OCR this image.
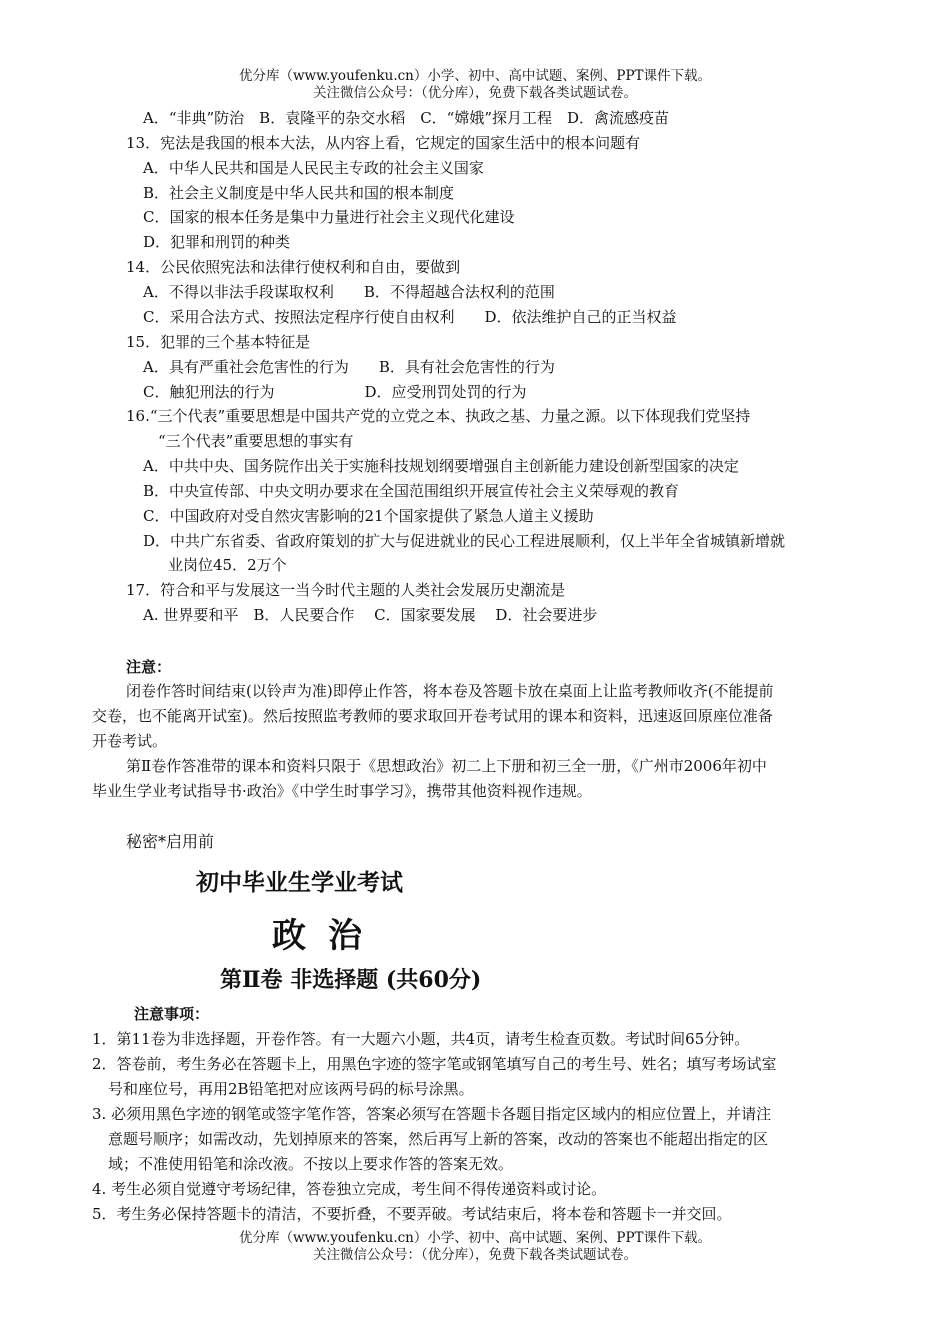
优分库（www.youfenku.cn）小学、初中、高中试题、案例、PPT课件下载。
关注微信公众号：（优分库），免费下载各类试题试卷。
A．“非典”防治　B．袁隆平的杂交水稻　C．“嫦娥”探月工程　D．禽流感疫苗
13．宪法是我国的根本大法，从内容上看，它规定的国家生活中的根本问题有
A．中华人民共和国是人民民主专政的社会主义国家
B．社会主义制度是中华人民共和国的根本制度
C．国家的根本任务是集中力量进行社会主义现代化建设
D．犯罪和刑罚的种类
14．公民依照宪法和法律行使权利和自由，要做到
A．不得以非法手段谋取权利　　B．不得超越合法权利的范围
C．采用合法方式、按照法定程序行使自由权利　　D．依法维护自己的正当权益
15．犯罪的三个基本特征是
A．具有严重社会危害性的行为　　B．具有社会危害性的行为
C．触犯刑法的行为　　　　　　D．应受刑罚处罚的行为
16.“三个代表”重要思想是中国共产党的立党之本、执政之基、力量之源。以下体现我们党坚持
“三个代表”重要思想的事实有
A．中共中央、国务院作出关于实施科技规划纲要增强自主创新能力建设创新型国家的决定
B．中央宣传部、中央文明办要求在全国范围组织开展宣传社会主义荣辱观的教育
C．中国政府对受自然灾害影响的21个国家提供了紧急人道主义援助
D．中共广东省委、省政府策划的扩大与促进就业的民心工程进展顺利，仅上半年全省城镇新增就
业岗位45．2万个
17．符合和平与发展这一当今时代主题的人类社会发展历史潮流是
A. 世界要和平　B．人民要合作　 C．国家要发展　 D．社会要进步
注意：
闭卷作答时间结束(以铃声为准)即停止作答，将本卷及答题卡放在桌面上让监考教师收齐(不能提前
交卷，也不能离开试室)。然后按照监考教师的要求取回开卷考试用的课本和资料，迅速返回原座位准备
开卷考试。
第Ⅱ卷作答准带的课本和资料只限于《思想政治》初二上下册和初三全一册，《广州市2006年初中
毕业生学业考试指导书·政治》《中学生时事学习》，携带其他资料视作违规。
秘密*启用前
初中毕业生学业考试
政治
第Ⅱ卷 非选择题 (共60分)
注意事项：
1．第11卷为非选择题，开卷作答。有一大题六小题，共4页，请考生检查页数。考试时间65分钟。
2．答卷前，考生务必在答题卡上，用黑色字迹的签字笔或钢笔填写自己的考生号、姓名；填写考场试室
号和座位号，再用2B铅笔把对应该两号码的标号涂黑。
3. 必须用黑色字迹的钢笔或签字笔作答，答案必须写在答题卡各题目指定区域内的相应位置上，并请注
意题号顺序；如需改动，先划掉原来的答案，然后再写上新的答案，改动的答案也不能超出指定的区
域；不准使用铅笔和涂改液。不按以上要求作答的答案无效。
4. 考生必须自觉遵守考场纪律，答卷独立完成，考生间不得传递资料或讨论。
5．考生务必保持答题卡的清洁，不要折叠，不要弄破。考试结束后，将本卷和答题卡一并交回。
优分库（www.youfenku.cn）小学、初中、高中试题、案例、PPT课件下载。
关注微信公众号：（优分库），免费下载各类试题试卷。
